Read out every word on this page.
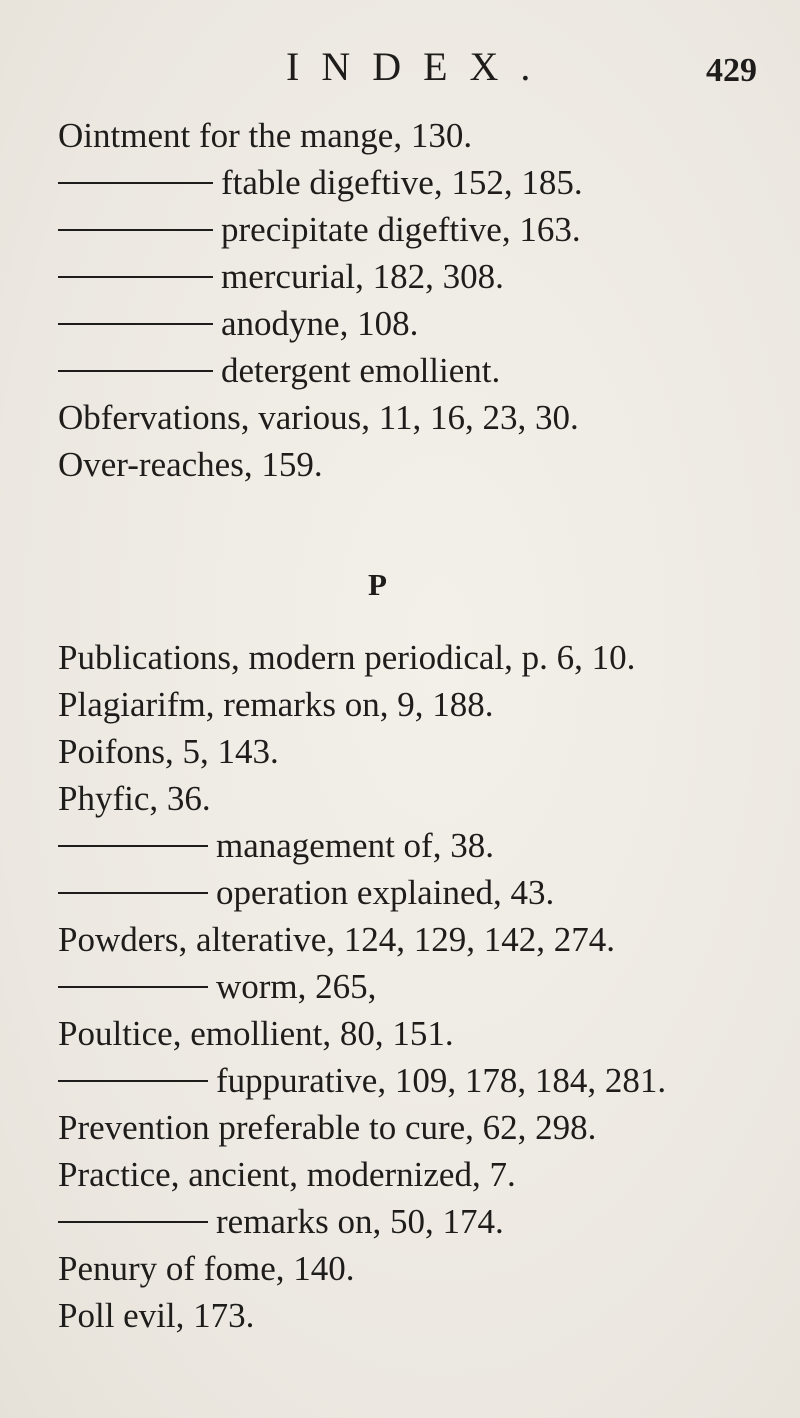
INDEX.	429
Ointment for the mange, 130.
ftable digeftive, 152, 185.
precipitate digeftive, 163.
mercurial, 182, 308.
anodyne, 108.
detergent emollient.
Obfervations, various, 11, 16, 23, 30.
Over-reaches, 159.
P
Publications, modern periodical, p. 6, 10.
Plagiarifm, remarks on, 9, 188.
Poifons, 5, 143.
Phyfic, 36.
management of, 38.
operation explained, 43.
Powders, alterative, 124, 129, 142, 274.
worm, 265,
Poultice, emollient, 80, 151.
fuppurative, 109, 178, 184, 281.
Prevention preferable to cure, 62, 298.
Practice, ancient, modernized, 7.
remarks on, 50, 174.
Penury of fome, 140.
Poll evil, 173.
